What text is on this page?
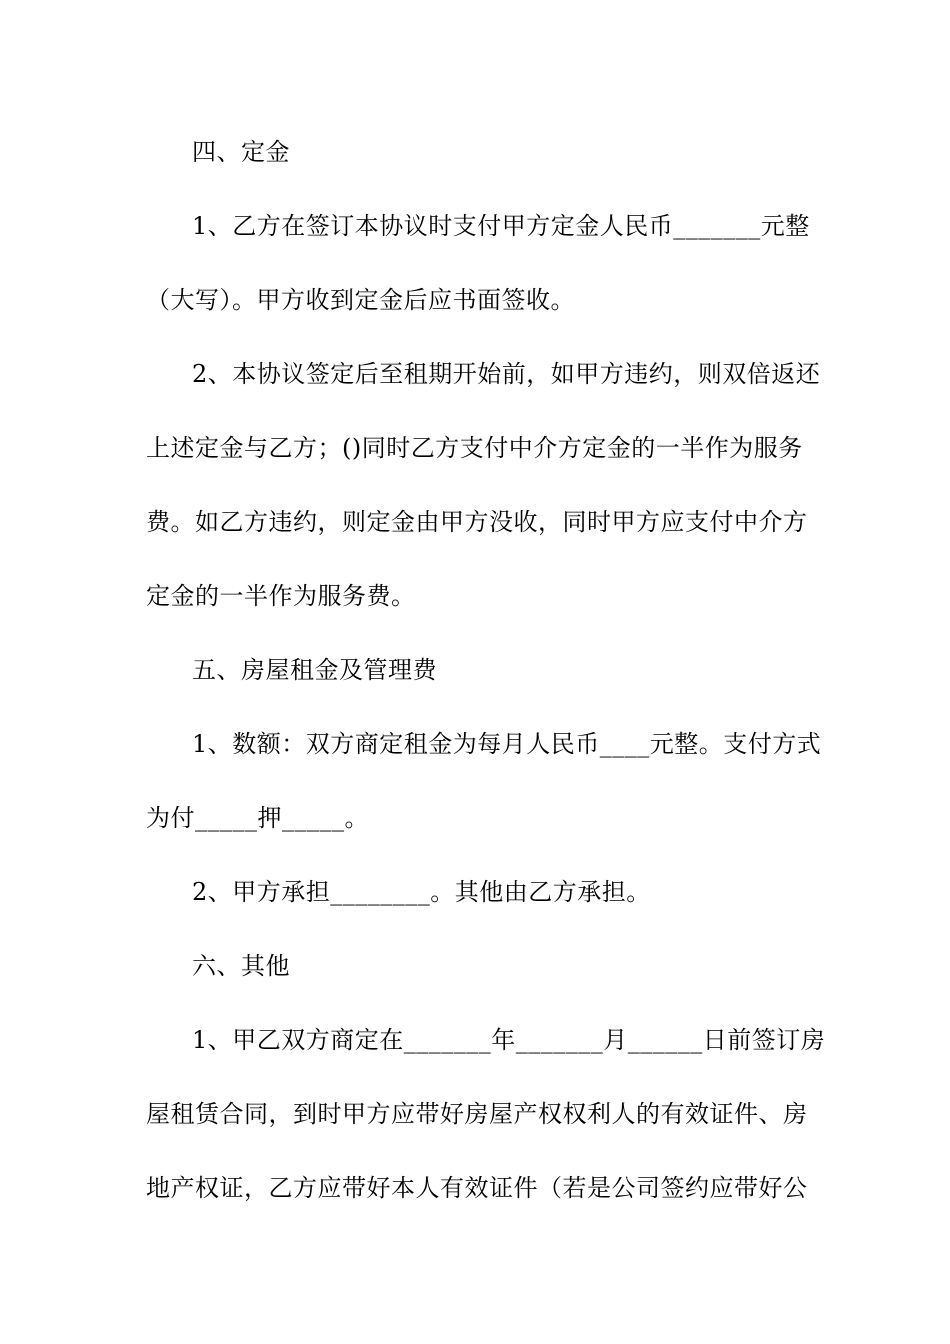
四、定金
1、乙方在签订本协议时支付甲方定金人民币_______元整
（大写）。甲方收到定金后应书面签收。
2、本协议签定后至租期开始前，如甲方违约，则双倍返还
上述定金与乙方；()同时乙方支付中介方定金的一半作为服务
费。如乙方违约，则定金由甲方没收，同时甲方应支付中介方
定金的一半作为服务费。
五、房屋租金及管理费
1、数额：双方商定租金为每月人民币____元整。支付方式
为付_____押_____。
2、甲方承担________。其他由乙方承担。
六、其他
1、甲乙双方商定在_______年_______月______日前签订房
屋租赁合同，到时甲方应带好房屋产权权利人的有效证件、房
地产权证，乙方应带好本人有效证件（若是公司签约应带好公
